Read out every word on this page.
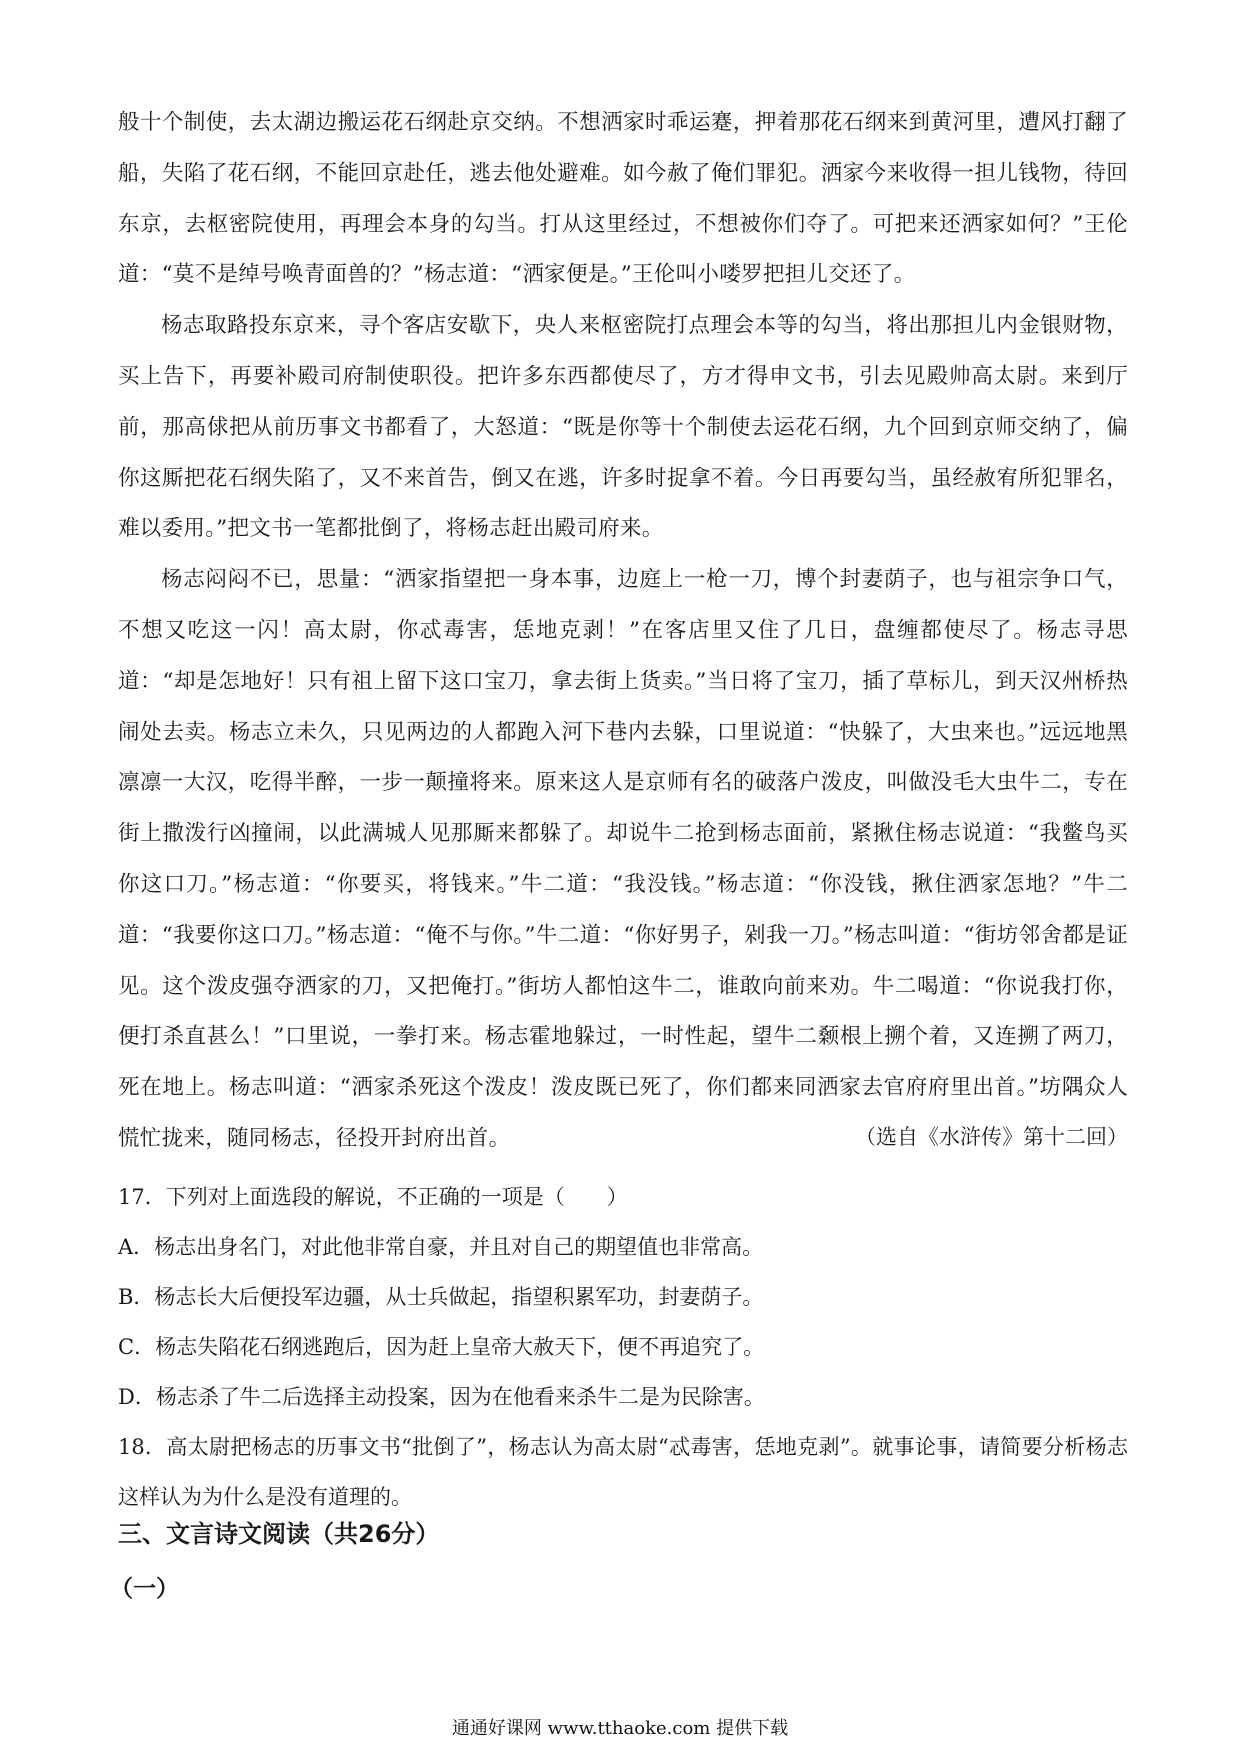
般十个制使，去太湖边搬运花石纲赴京交纳。不想洒家时乖运蹇，押着那花石纲来到黄河里，遭风打翻了船，失陷了花石纲，不能回京赴任，逃去他处避难。如今赦了俺们罪犯。洒家今来收得一担儿钱物，待回东京，去枢密院使用，再理会本身的勾当。打从这里经过，不想被你们夺了。可把来还洒家如何？”王伦道：“莫不是绰号唤青面兽的？”杨志道：“洒家便是。”王伦叫小喽罗把担儿交还了。

杨志取路投东京来，寻个客店安歇下，央人来枢密院打点理会本等的勾当，将出那担儿内金银财物，买上告下，再要补殿司府制使职役。把许多东西都使尽了，方才得申文书，引去见殿帅高太尉。来到厅前，那高俅把从前历事文书都看了，大怒道：“既是你等十个制使去运花石纲，九个回到京师交纳了，偏你这厮把花石纲失陷了，又不来首告，倒又在逃，许多时捉拿不着。今日再要勾当，虽经赦宥所犯罪名，难以委用。”把文书一笔都批倒了，将杨志赶出殿司府来。

杨志闷闷不已，思量：“洒家指望把一身本事，边庭上一枪一刀，博个封妻荫子，也与祖宗争口气，不想又吃这一闪！高太尉，你忒毒害，恁地克剥！”在客店里又住了几日，盘缠都使尽了。杨志寻思道：“却是怎地好！只有祖上留下这口宝刀，拿去街上货卖。”当日将了宝刀，插了草标儿，到天汉州桥热闹处去卖。杨志立未久，只见两边的人都跑入河下巷内去躲，口里说道：“快躲了，大虫来也。”远远地黑凛凛一大汉，吃得半醉，一步一颠撞将来。原来这人是京师有名的破落户泼皮，叫做没毛大虫牛二，专在街上撒泼行凶撞闹，以此满城人见那厮来都躲了。却说牛二抢到杨志面前，紧揪住杨志说道：“我鳖鸟买你这口刀。”杨志道：“你要买，将钱来。”牛二道：“我没钱。”杨志道：“你没钱，揪住洒家怎地？”牛二道：“我要你这口刀。”杨志道：“俺不与你。”牛二道：“你好男子，剁我一刀。”杨志叫道：“街坊邻舍都是证见。这个泼皮强夺洒家的刀，又把俺打。”街坊人都怕这牛二，谁敢向前来劝。牛二喝道：“你说我打你，便打杀直甚么！”口里说，一拳打来。杨志霍地躲过，一时性起，望牛二颡根上搠个着，又连搠了两刀，死在地上。杨志叫道：“洒家杀死这个泼皮！泼皮既已死了，你们都来同洒家去官府府里出首。”坊隅众人慌忙拢来，随同杨志，径投开封府出首。	（选自《水浒传》第十二回）
17．下列对上面选段的解说，不正确的一项是（　　）
A．杨志出身名门，对此他非常自豪，并且对自己的期望值也非常高。
B．杨志长大后便投军边疆，从士兵做起，指望积累军功，封妻荫子。
C．杨志失陷花石纲逃跑后，因为赶上皇帝大赦天下，便不再追究了。
D．杨志杀了牛二后选择主动投案，因为在他看来杀牛二是为民除害。

18．高太尉把杨志的历事文书“批倒了”，杨志认为高太尉“忒毒害，恁地克剥”。就事论事，请简要分析杨志这样认为为什么是没有道理的。

三、文言诗文阅读（共26分）
（一）
通通好课网 www.tthaoke.com 提供下载
